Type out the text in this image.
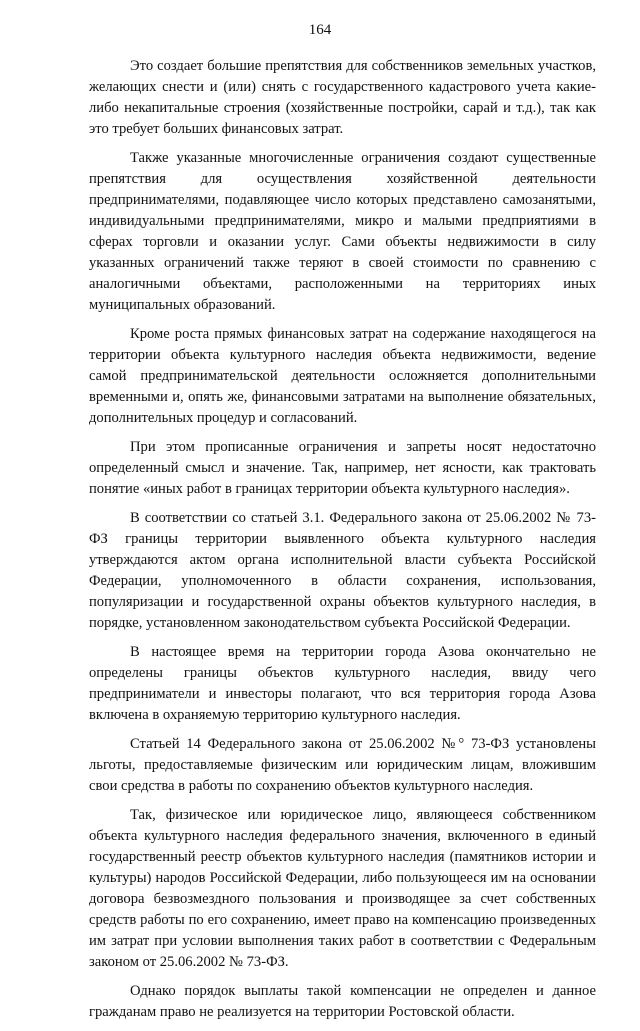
164

Это создает большие препятствия для собственников земельных участков, желающих снести и (или) снять с государственного кадастрового учета какие-либо некапитальные строения (хозяйственные постройки, сарай и т.д.), так как это требует больших финансовых затрат.

Также указанные многочисленные ограничения создают существенные препятствия для осуществления хозяйственной деятельности предпринимателями, подавляющее число которых представлено самозанятыми, индивидуальными предпринимателями, микро и малыми предприятиями в сферах торговли и оказании услуг. Сами объекты недвижимости в силу указанных ограничений также теряют в своей стоимости по сравнению с аналогичными объектами, расположенными на территориях иных муниципальных образований.

Кроме роста прямых финансовых затрат на содержание находящегося на территории объекта культурного наследия объекта недвижимости, ведение самой предпринимательской деятельности осложняется дополнительными временными и, опять же, финансовыми затратами на выполнение обязательных, дополнительных процедур и согласований.

При этом прописанные ограничения и запреты носят недостаточно определенный смысл и значение. Так, например, нет ясности, как трактовать понятие «иных работ в границах территории объекта культурного наследия».

В соответствии со статьей 3.1. Федерального закона от 25.06.2002 № 73-ФЗ границы территории выявленного объекта культурного наследия утверждаются актом органа исполнительной власти субъекта Российской Федерации, уполномоченного в области сохранения, использования, популяризации и государственной охраны объектов культурного наследия, в порядке, установленном законодательством субъекта Российской Федерации.

В настоящее время на территории города Азова окончательно не определены границы объектов культурного наследия, ввиду чего предприниматели и инвесторы полагают, что вся территория города Азова включена в охраняемую территорию культурного наследия.

Статьей 14 Федерального закона от 25.06.2002 №° 73-ФЗ установлены льготы, предоставляемые физическим или юридическим лицам, вложившим свои средства в работы по сохранению объектов культурного наследия.

Так, физическое или юридическое лицо, являющееся собственником объекта культурного наследия федерального значения, включенного в единый государственный реестр объектов культурного наследия (памятников истории и культуры) народов Российской Федерации, либо пользующееся им на основании договора безвозмездного пользования и производящее за счет собственных средств работы по его сохранению, имеет право на компенсацию произведенных им затрат при условии выполнения таких работ в соответствии с Федеральным законом от 25.06.2002 № 73-ФЗ.

Однако порядок выплаты такой компенсации не определен и данное гражданам право не реализуется на территории Ростовской области.
